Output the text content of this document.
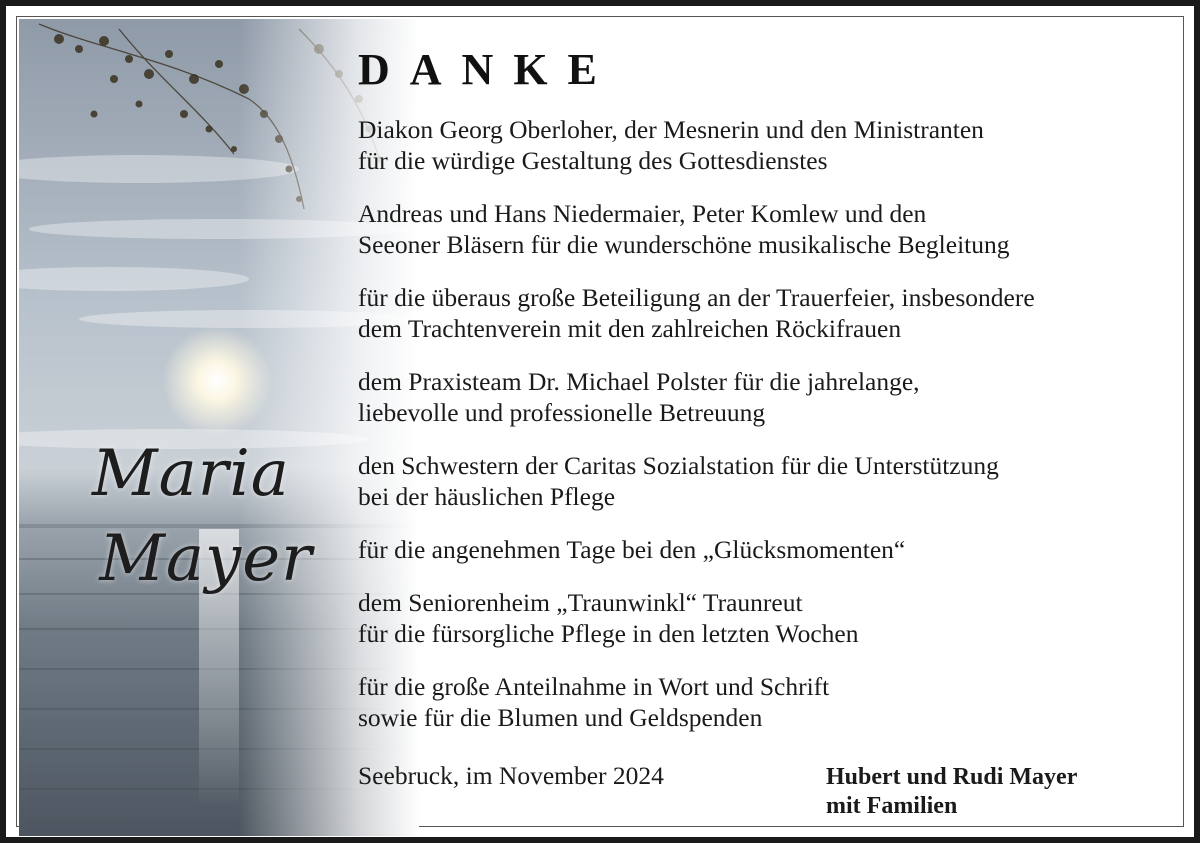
Maria
Mayer
DANKE
Diakon Georg Oberloher, der Mesnerin und den Ministranten
für die würdige Gestaltung des Gottesdienstes
Andreas und Hans Niedermaier, Peter Komlew und den
Seeoner Bläsern für die wunderschöne musikalische Begleitung
für die überaus große Beteiligung an der Trauerfeier, insbesondere
dem Trachtenverein mit den zahlreichen Röckifrauen
dem Praxisteam Dr. Michael Polster für die jahrelange,
liebevolle und professionelle Betreuung
den Schwestern der Caritas Sozialstation für die Unterstützung
bei der häuslichen Pflege
für die angenehmen Tage bei den „Glücksmomenten“
dem Seniorenheim „Traunwinkl“ Traunreut
für die fürsorgliche Pflege in den letzten Wochen
für die große Anteilnahme in Wort und Schrift
sowie für die Blumen und Geldspenden
Seebruck, im November 2024	Hubert und Rudi Mayer
mit Familien
